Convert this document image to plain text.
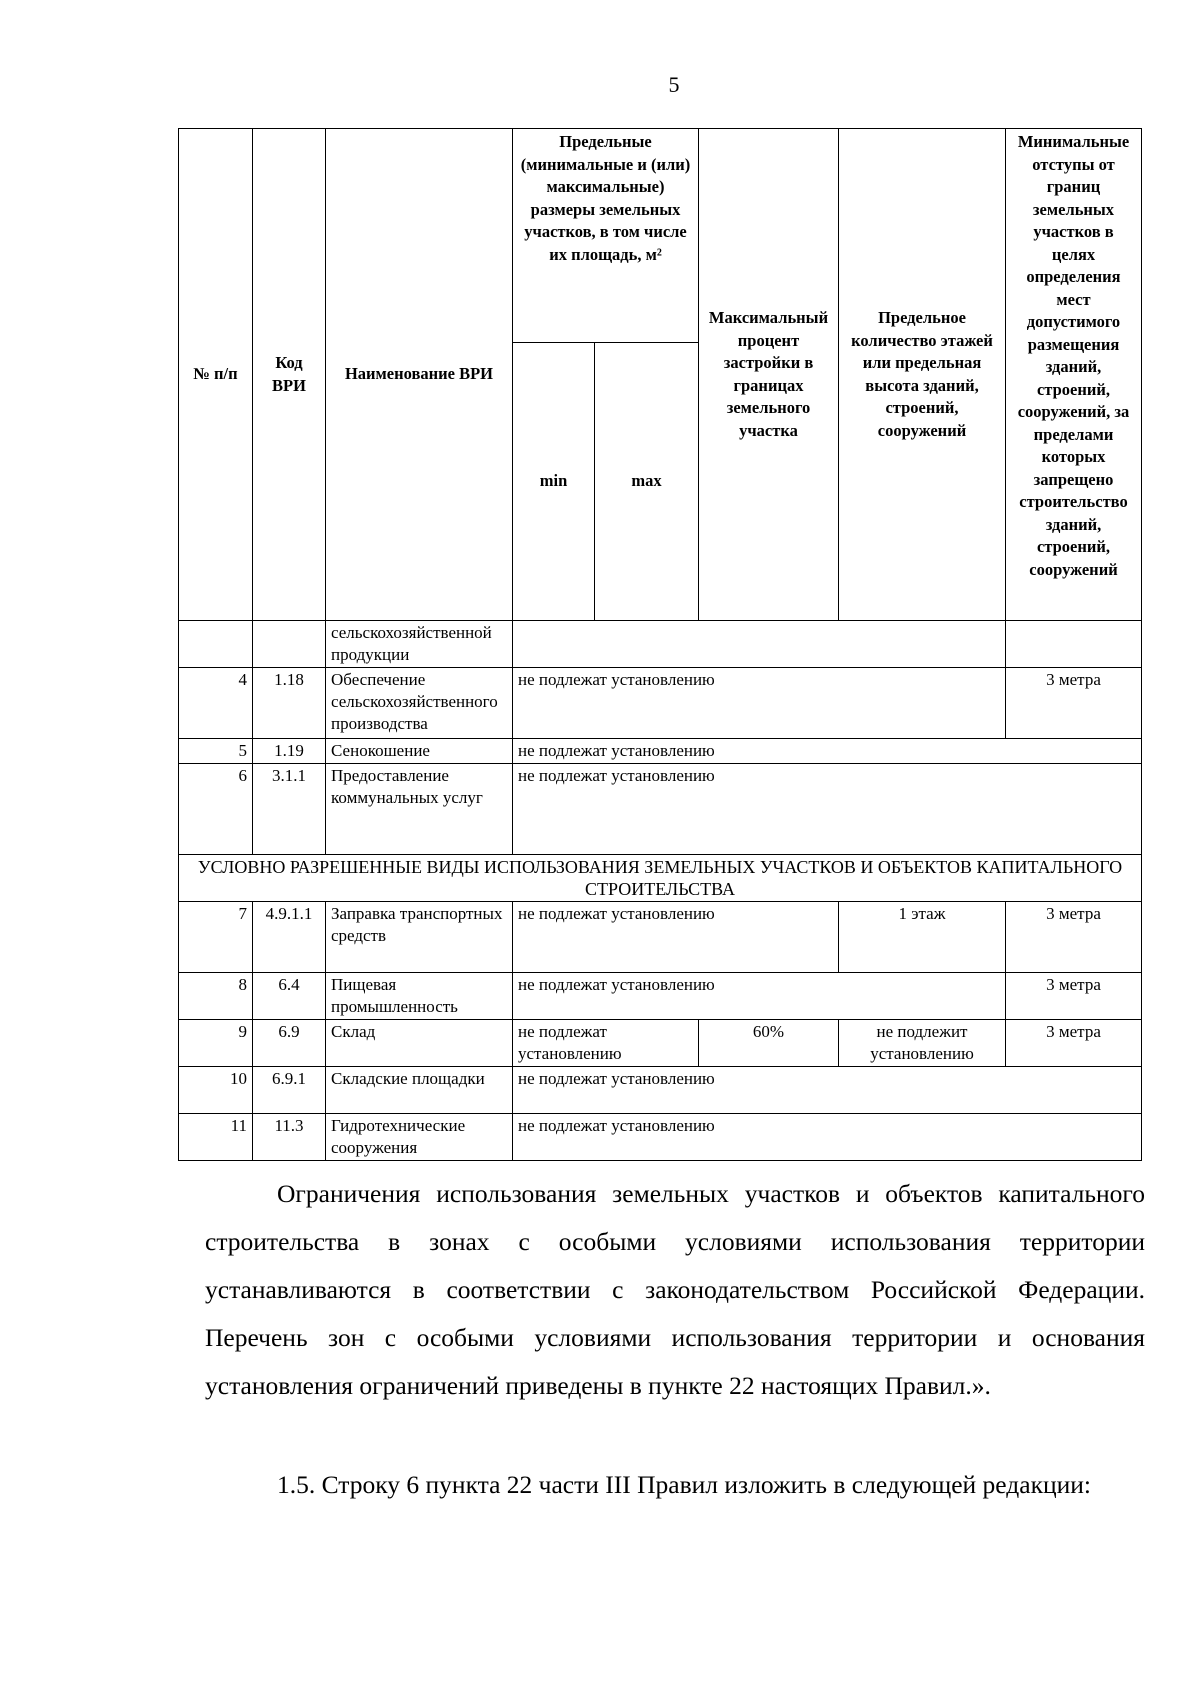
5
№ п/п	Код ВРИ	Наименование ВРИ	Предельные (минимальные и (или) максимальные) размеры земельных участков, в том числе их площадь, м²		Максимальный процент застройки в границах земельного участка	Предельное количество этажей или предельная высота зданий, строений, сооружений	Минимальные отступы от границ земельных участков в целях определения мест допустимого размещения зданий, строений, сооружений, за пределами которых запрещено строительство зданий, строений, сооружений
			min	max			
		сельскохозяйственной продукции					
4	1.18	Обеспечение сельскохозяйственного производства	не подлежат установлению				3 метра
5	1.19	Сенокошение	не подлежат установлению				
6	3.1.1	Предоставление коммунальных услуг	не подлежат установлению				
УСЛОВНО РАЗРЕШЕННЫЕ ВИДЫ ИСПОЛЬЗОВАНИЯ ЗЕМЕЛЬНЫХ УЧАСТКОВ И ОБЪЕКТОВ КАПИТАЛЬНОГО СТРОИТЕЛЬСТВА							
7	4.9.1.1	Заправка транспортных средств	не подлежат установлению			1 этаж	3 метра
8	6.4	Пищевая промышленность	не подлежат установлению				3 метра
9	6.9	Склад	не подлежат установлению		60%	не подлежит установлению	3 метра
10	6.9.1	Складские площадки	не подлежат установлению				
11	11.3	Гидротехнические сооружения	не подлежат установлению				

Ограничения использования земельных участков и объектов капитального строительства в зонах с особыми условиями использования территории устанавливаются в соответствии с законодательством Российской Федерации. Перечень зон с особыми условиями использования территории и основания установления ограничений приведены в пункте 22 настоящих Правил.».

1.5. Строку 6 пункта 22 части III Правил изложить в следующей редакции:
